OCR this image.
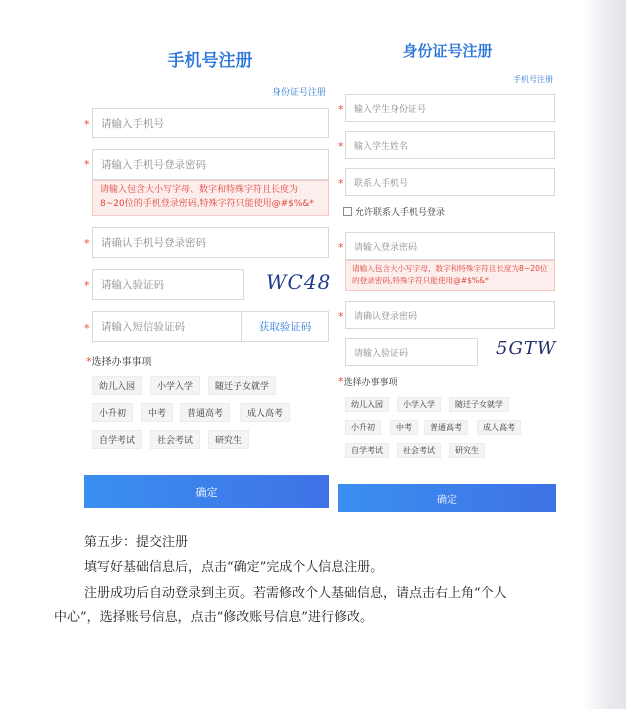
手机号注册
身份证号注册
*	请输入手机号
*	请输入手机号登录密码
请输入包含大小写字母、数字和特殊字符且长度为8~20位的手机登录密码,特殊字符只能使用@#$%&*
*	请确认手机号登录密码
*	请输入验证码	WC48
*	请输入短信验证码	获取验证码
*选择办事事项
幼儿入园	小学入学	随迁子女就学
小升初	中考	普通高考	成人高考
自学考试	社会考试	研究生
确定
身份证号注册
手机号注册
*	输入学生身份证号
*	输入学生姓名
*	联系人手机号
允许联系人手机号登录
*	请输入登录密码
请输入包含大小写字母、数字和特殊字符且长度为8~20位的登录密码,特殊字符只能使用@#$%&*
*	请确认登录密码
请输入验证码	5GTW
*选择办事事项
幼儿入园	小学入学	随迁子女就学
小升初	中考	普通高考	成人高考
自学考试	社会考试	研究生
确定
第五步：提交注册
填写好基础信息后，点击“确定”完成个人信息注册。
注册成功后自动登录到主页。若需修改个人基础信息，请点击右上角“个人
中心”，选择账号信息，点击“修改账号信息”进行修改。
